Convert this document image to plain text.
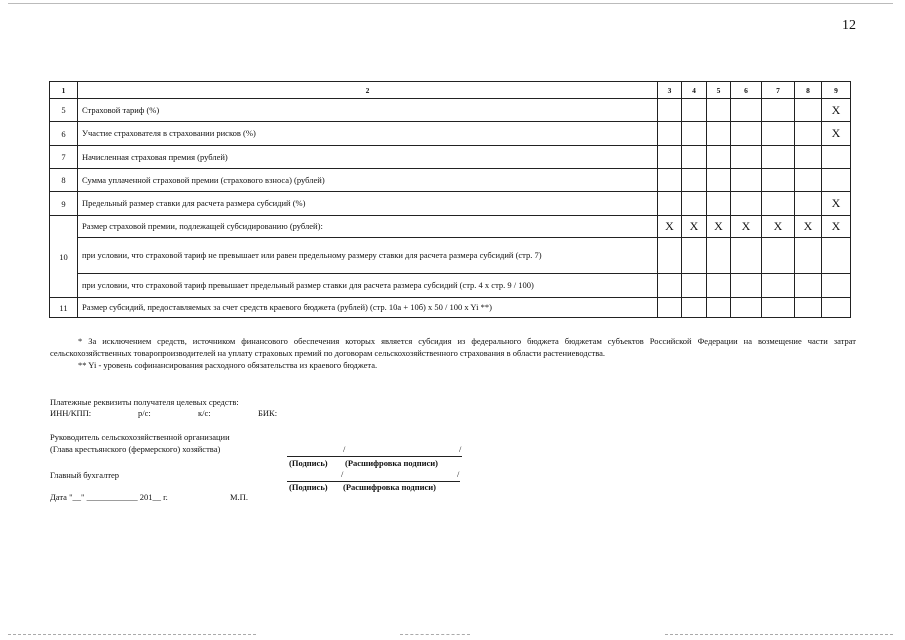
12
1	2	3	4	5	6	7	8	9
5	Страховой тариф (%)							X
6	Участие страхователя в страховании рисков (%)							X
7	Начисленная страховая премия (рублей)							
8	Сумма уплаченной страховой премии (страхового взноса) (рублей)							
9	Предельный размер ставки для расчета размера субсидий (%)							X
10	Размер страховой премии, подлежащей субсидированию (рублей):	X	X	X	X	X	X	X
	при условии, что страховой тариф не превышает или равен предельному размеру ставки для расчета размера субсидий (стр. 7)							
	при условии, что страховой тариф превышает предельный размер ставки для расчета размера субсидий (стр. 4 x стр. 9 / 100)							
11	Размер субсидий, предоставляемых за счет средств краевого бюджета (рублей) (стр. 10а + 10б) x 50 / 100 x Yi **)							

* За исключением средств, источником финансового обеспечения которых является субсидия из федерального бюджета бюджетам субъектов Российской Федерации на возмещение части затрат сельскохозяйственных товаропроизводителей на уплату страховых премий по договорам сельскохозяйственного страхования в области растениеводства.

** Yi - уровень софинансирования расходного обязательства из краевого бюджета.

Платежные реквизиты получателя целевых средств:
ИНН/КПП:	р/с:	к/с:	БИК:
Руководитель сельскохозяйственной организации
(Глава крестьянского (фермерского) хозяйства)	/	/
(Подпись) (Расшифровка подписи)
Главный бухгалтер	/	/
(Подпись) (Расшифровка подписи)
Дата "__" ____________ 201__ г.	М.П.
